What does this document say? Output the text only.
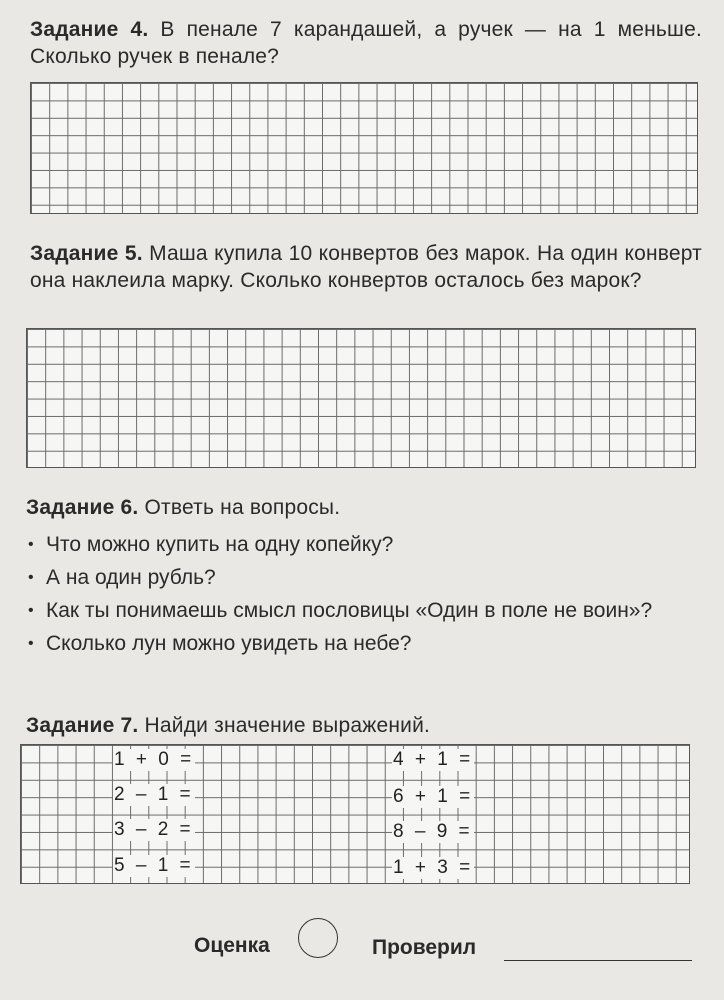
Задание 4. В пенале 7 карандашей, а ручек — на 1 меньше. Сколько ручек в пенале?
Задание 5. Маша купила 10 конвертов без марок. На один конверт она наклеила марку. Сколько конвертов осталось без марок?
Задание 6. Ответь на вопросы.
• Что можно купить на одну копейку?
• А на один рубль?
• Как ты понимаешь смысл пословицы «Один в поле не воин»?
• Сколько лун можно увидеть на небе?
Задание 7. Найди значение выражений.
1 + 0 =
2 – 1 =
3 – 2 =
5 – 1 =
4 + 1 =
6 + 1 =
8 – 9 =
1 + 3 =
Оценка	Проверил
